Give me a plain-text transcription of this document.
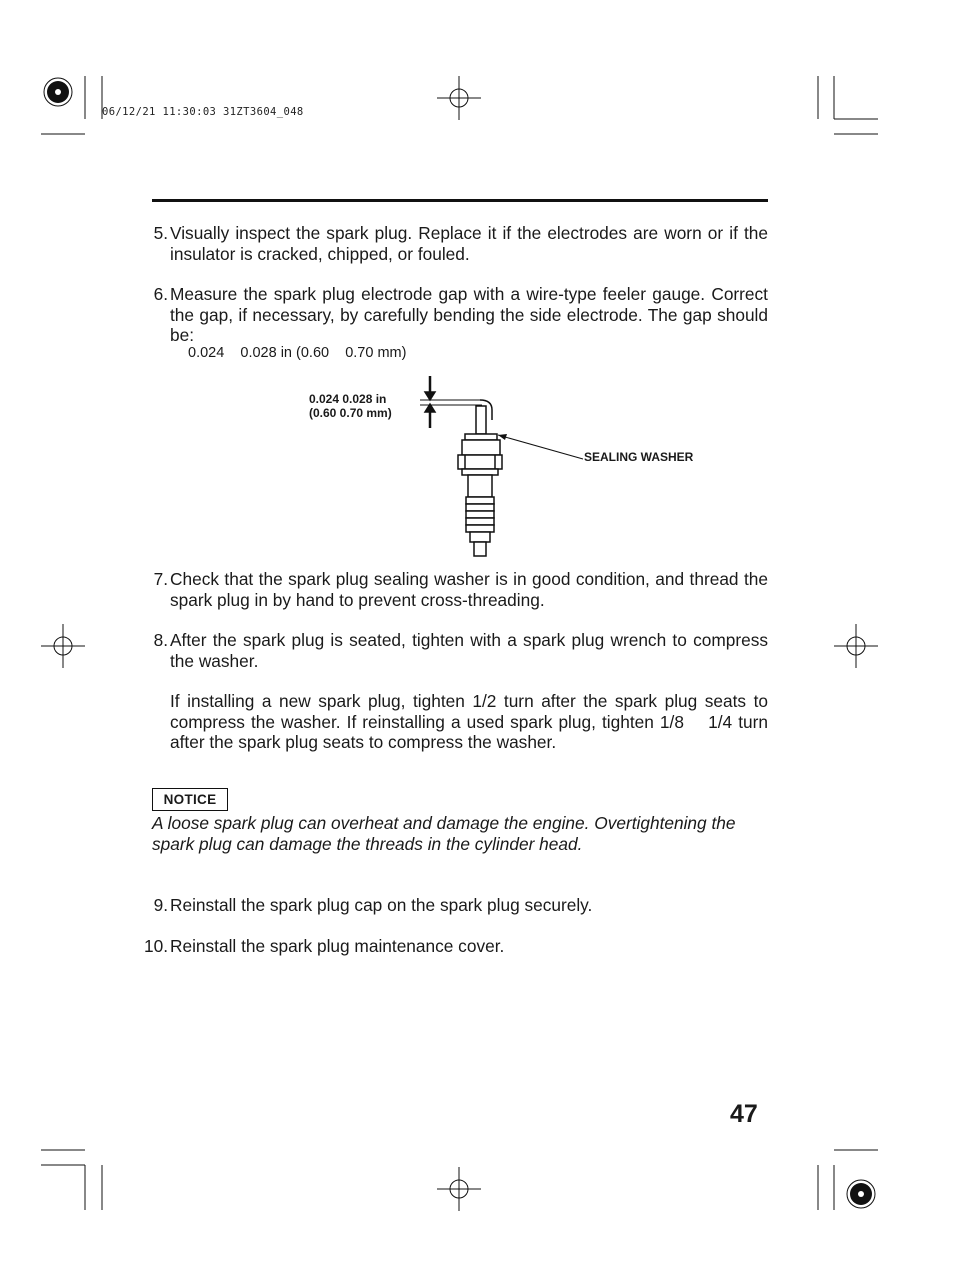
06/12/21 11:30:03 31ZT3604_048
5. Visually inspect the spark plug. Replace it if the electrodes are worn or if the insulator is cracked, chipped, or fouled.
6. Measure the spark plug electrode gap with a wire-type feeler gauge. Correct the gap, if necessary, by carefully bending the side electrode. The gap should be:
0.024    0.028 in (0.60    0.70 mm)
0.024 0.028 in
(0.60 0.70 mm)
SEALING WASHER
7. Check that the spark plug sealing washer is in good condition, and thread the spark plug in by hand to prevent cross-threading.
8. After the spark plug is seated, tighten with a spark plug wrench to compress the washer.
If installing a new spark plug, tighten 1/2 turn after the spark plug seats to compress the washer. If reinstalling a used spark plug, tighten 1/8    1/4 turn after the spark plug seats to compress the washer.
NOTICE
A loose spark plug can overheat and damage the engine. Overtightening the spark plug can damage the threads in the cylinder head.
9. Reinstall the spark plug cap on the spark plug securely.
10. Reinstall the spark plug maintenance cover.
47
